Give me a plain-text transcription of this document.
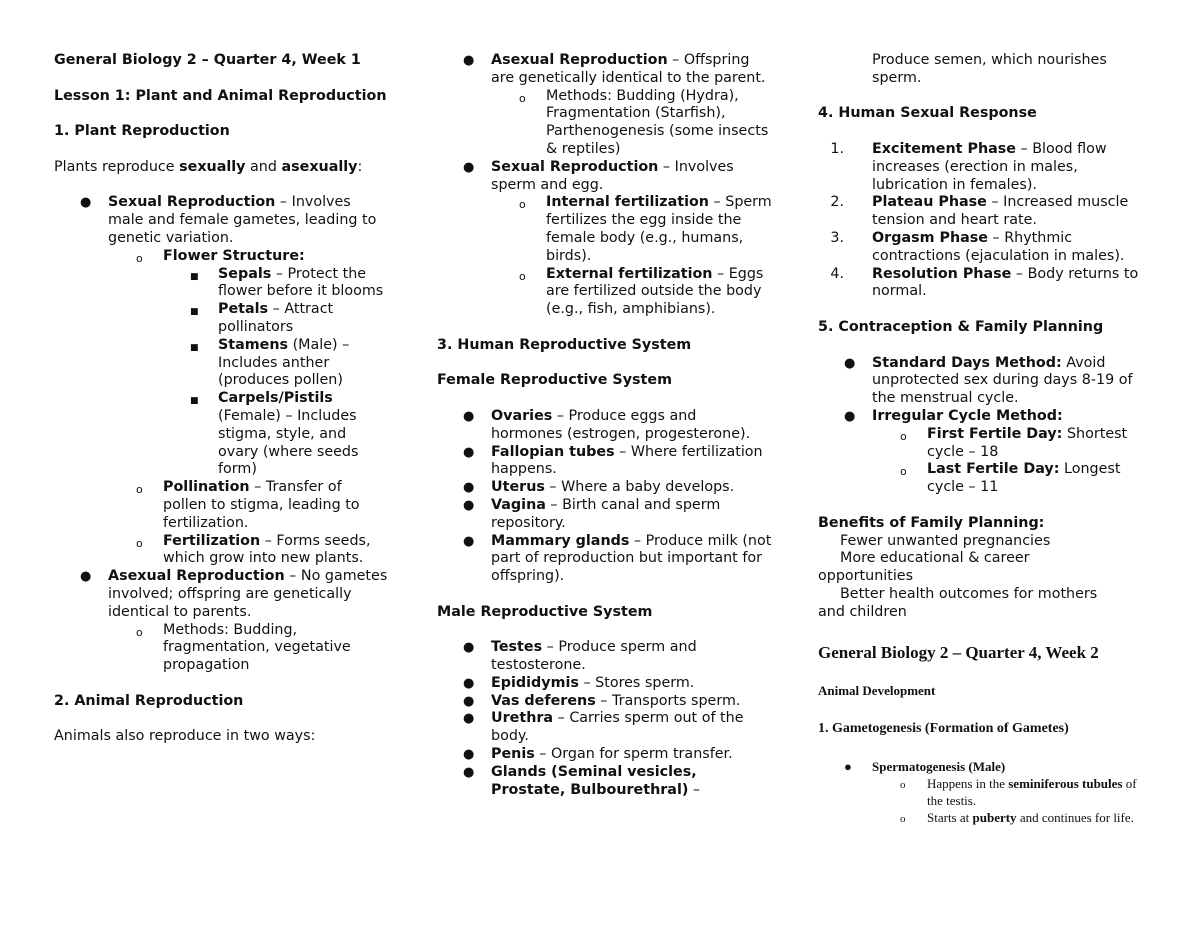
General Biology 2 – Quarter 4, Week 1

Lesson 1: Plant and Animal Reproduction

1. Plant Reproduction

Plants reproduce sexually and asexually:

● Sexual Reproduction – Involves male and female gametes, leading to genetic variation.
o Flower Structure:
■ Sepals – Protect the flower before it blooms
■ Petals – Attract pollinators
■ Stamens (Male) – Includes anther (produces pollen)
■ Carpels/Pistils (Female) – Includes stigma, style, and ovary (where seeds form)
o Pollination – Transfer of pollen to stigma, leading to fertilization.
o Fertilization – Forms seeds, which grow into new plants.
● Asexual Reproduction – No gametes involved; offspring are genetically identical to parents.
o Methods: Budding, fragmentation, vegetative propagation

2. Animal Reproduction

Animals also reproduce in two ways:

● Asexual Reproduction – Offspring are genetically identical to the parent.
o Methods: Budding (Hydra), Fragmentation (Starfish), Parthenogenesis (some insects & reptiles)
● Sexual Reproduction – Involves sperm and egg.
o Internal fertilization – Sperm fertilizes the egg inside the female body (e.g., humans, birds).
o External fertilization – Eggs are fertilized outside the body (e.g., fish, amphibians).

3. Human Reproductive System

Female Reproductive System

● Ovaries – Produce eggs and hormones (estrogen, progesterone).
● Fallopian tubes – Where fertilization happens.
● Uterus – Where a baby develops.
● Vagina – Birth canal and sperm repository.
● Mammary glands – Produce milk (not part of reproduction but important for offspring).

Male Reproductive System

● Testes – Produce sperm and testosterone.
● Epididymis – Stores sperm.
● Vas deferens – Transports sperm.
● Urethra – Carries sperm out of the body.
● Penis – Organ for sperm transfer.
● Glands (Seminal vesicles, Prostate, Bulbourethral) –

Produce semen, which nourishes sperm.

4. Human Sexual Response

1. Excitement Phase – Blood flow increases (erection in males, lubrication in females).
2. Plateau Phase – Increased muscle tension and heart rate.
3. Orgasm Phase – Rhythmic contractions (ejaculation in males).
4. Resolution Phase – Body returns to normal.

5. Contraception & Family Planning

● Standard Days Method: Avoid unprotected sex during days 8-19 of the menstrual cycle.
● Irregular Cycle Method:
o First Fertile Day: Shortest cycle – 18
o Last Fertile Day: Longest cycle – 11

Benefits of Family Planning:

Fewer unwanted pregnancies

More educational & career

opportunities

Better health outcomes for mothers

and children

General Biology 2 – Quarter 4, Week 2

Animal Development

1. Gametogenesis (Formation of Gametes)

● Spermatogenesis (Male)
o Happens in the seminiferous tubules of the testis.
o Starts at puberty and continues for life.
